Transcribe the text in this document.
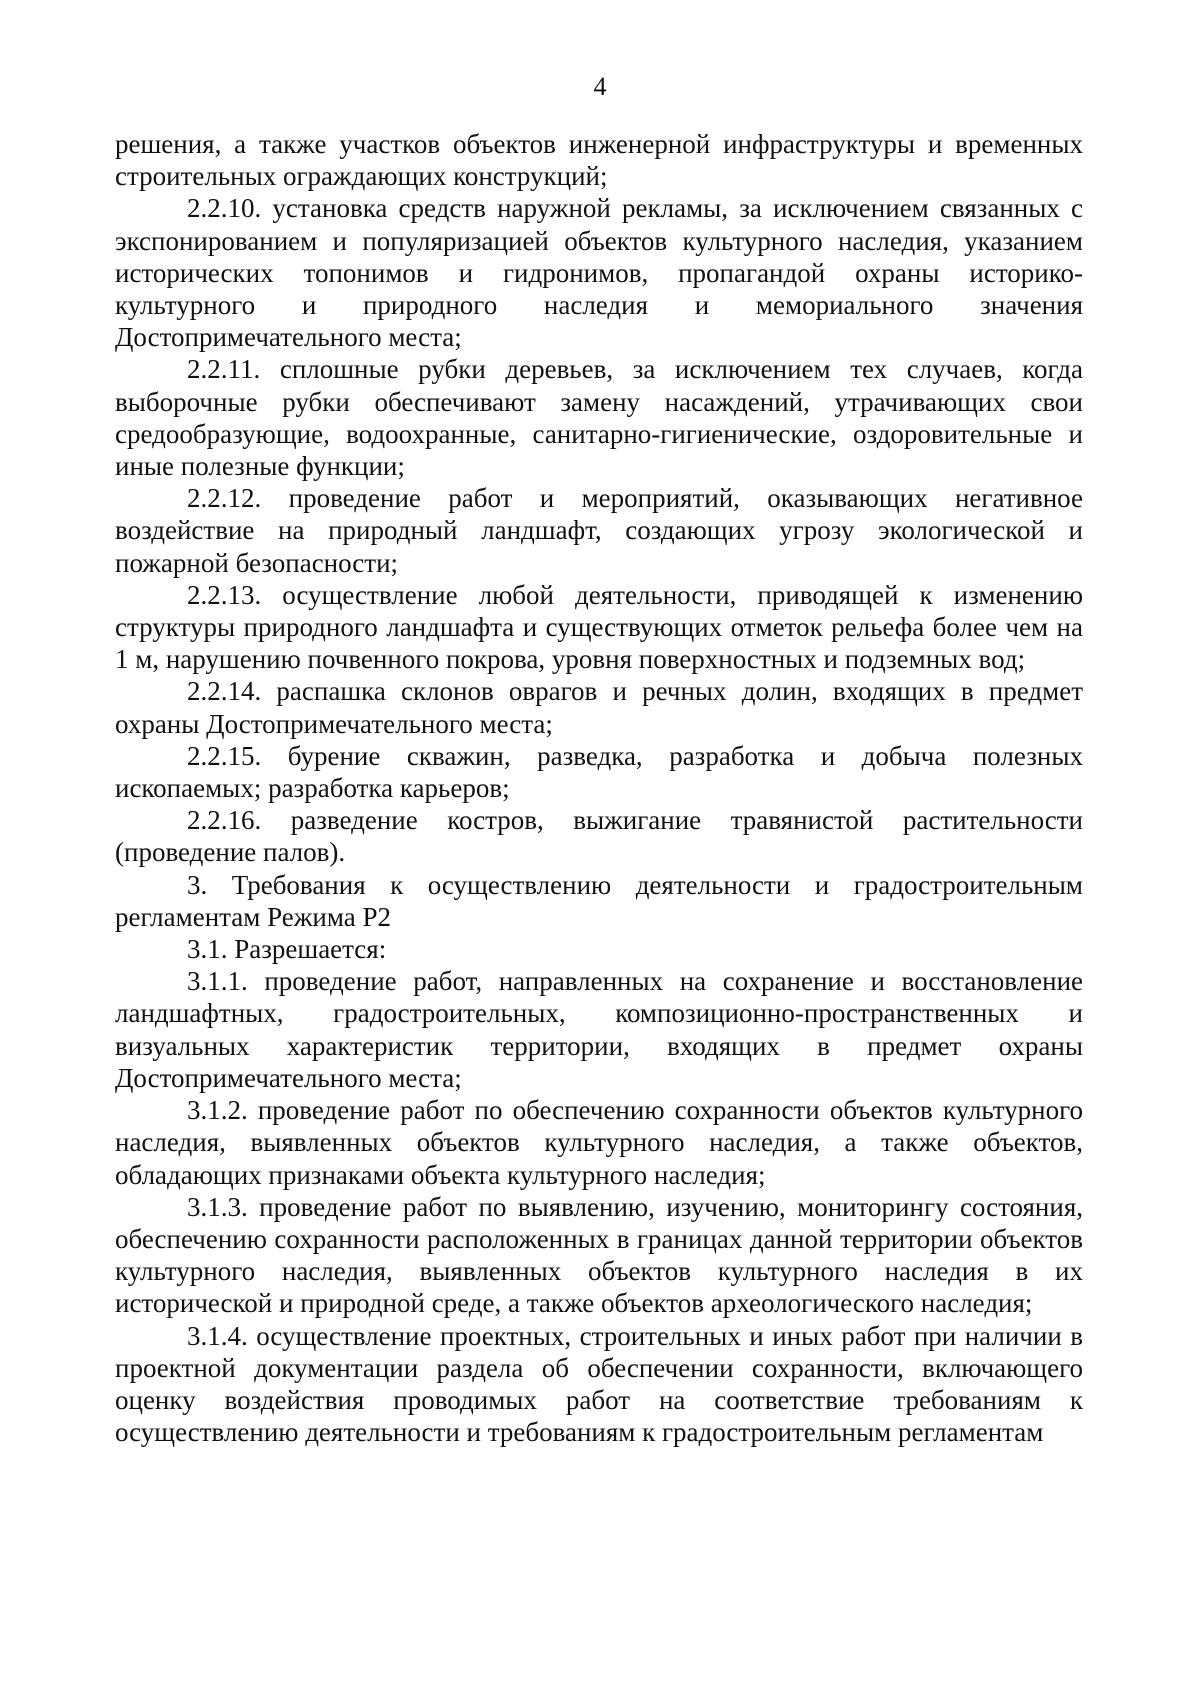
4

решения, а также участков объектов инженерной инфраструктуры и временных строительных ограждающих конструкций;

2.2.10. установка средств наружной рекламы, за исключением связанных с экспонированием и популяризацией объектов культурного наследия, указанием исторических топонимов и гидронимов, пропагандой охраны историко-культурного и природного наследия и мемориального значения Достопримечательного места;

2.2.11. сплошные рубки деревьев, за исключением тех случаев, когда выборочные рубки обеспечивают замену насаждений, утрачивающих свои средообразующие, водоохранные, санитарно-гигиенические, оздоровительные и иные полезные функции;

2.2.12. проведение работ и мероприятий, оказывающих негативное воздействие на природный ландшафт, создающих угрозу экологической и пожарной безопасности;

2.2.13. осуществление любой деятельности, приводящей к изменению структуры природного ландшафта и существующих отметок рельефа более чем на 1 м, нарушению почвенного покрова, уровня поверхностных и подземных вод;

2.2.14. распашка склонов оврагов и речных долин, входящих в предмет охраны Достопримечательного места;

2.2.15. бурение скважин, разведка, разработка и добыча полезных ископаемых; разработка карьеров;

2.2.16. разведение костров, выжигание травянистой растительности (проведение палов).

3. Требования к осуществлению деятельности и градостроительным регламентам Режима Р2

3.1. Разрешается:

3.1.1. проведение работ, направленных на сохранение и восстановление ландшафтных, градостроительных, композиционно-пространственных и визуальных характеристик территории, входящих в предмет охраны Достопримечательного места;

3.1.2. проведение работ по обеспечению сохранности объектов культурного наследия, выявленных объектов культурного наследия, а также объектов, обладающих признаками объекта культурного наследия;

3.1.3. проведение работ по выявлению, изучению, мониторингу состояния, обеспечению сохранности расположенных в границах данной территории объектов культурного наследия, выявленных объектов культурного наследия в их исторической и природной среде, а также объектов археологического наследия;

3.1.4. осуществление проектных, строительных и иных работ при наличии в проектной документации раздела об обеспечении сохранности, включающего оценку воздействия проводимых работ на соответствие требованиям к осуществлению деятельности и требованиям к градостроительным регламентам
